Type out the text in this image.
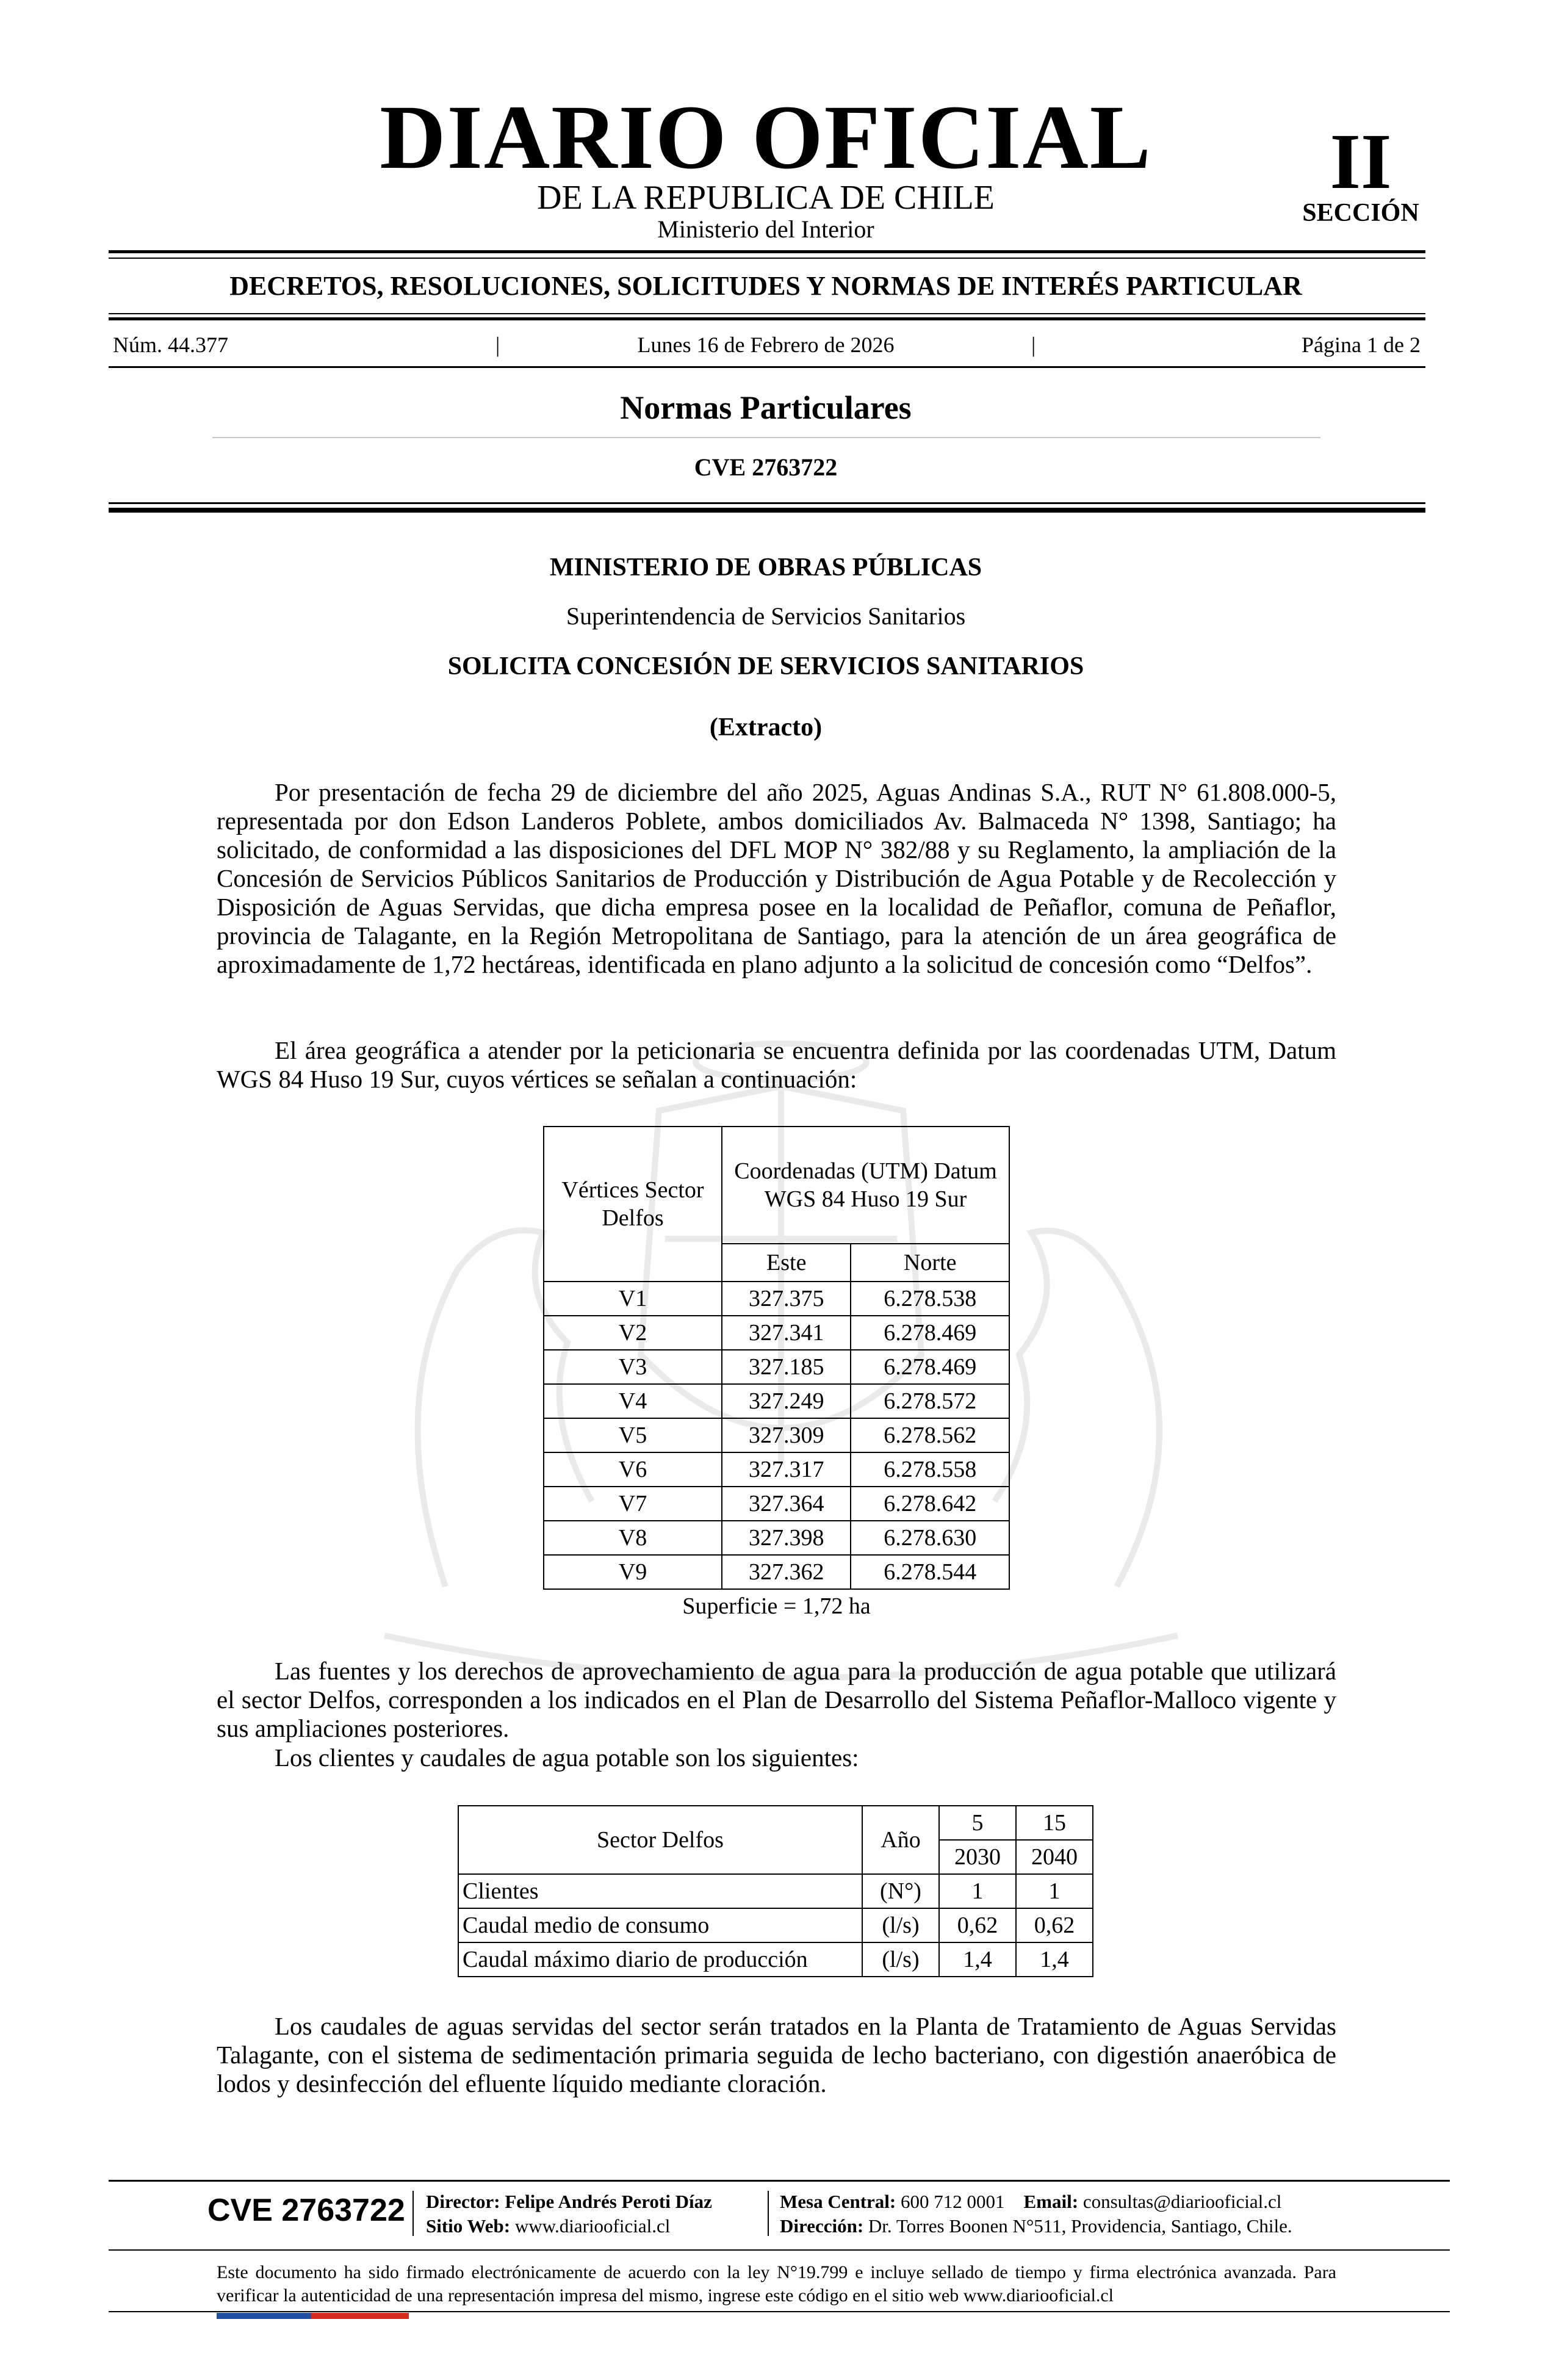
DIARIO OFICIAL
DE LA REPUBLICA DE CHILE
Ministerio del Interior
II
SECCIÓN
DECRETOS, RESOLUCIONES, SOLICITUDES Y NORMAS DE INTERÉS PARTICULAR
Núm. 44.377	|	Lunes 16 de Febrero de 2026	|	Página 1 de 2
Normas Particulares
CVE 2763722
MINISTERIO DE OBRAS PÚBLICAS
Superintendencia de Servicios Sanitarios
SOLICITA CONCESIÓN DE SERVICIOS SANITARIOS
(Extracto)

Por presentación de fecha 29 de diciembre del año 2025, Aguas Andinas S.A., RUT N° 61.808.000-5, representada por don Edson Landeros Poblete, ambos domiciliados Av. Balmaceda N° 1398, Santiago; ha solicitado, de conformidad a las disposiciones del DFL MOP N° 382/88 y su Reglamento, la ampliación de la Concesión de Servicios Públicos Sanitarios de Producción y Distribución de Agua Potable y de Recolección y Disposición de Aguas Servidas, que dicha empresa posee en la localidad de Peñaflor, comuna de Peñaflor, provincia de Talagante, en la Región Metropolitana de Santiago, para la atención de un área geográfica de aproximadamente de 1,72 hectáreas, identificada en plano adjunto a la solicitud de concesión como “Delfos”.

El área geográfica a atender por la peticionaria se encuentra definida por las coordenadas UTM, Datum WGS 84 Huso 19 Sur, cuyos vértices se señalan a continuación:

Vértices Sector Delfos	Coordenadas (UTM) Datum WGS 84 Huso 19 Sur	
	Este	Norte
V1	327.375	6.278.538
V2	327.341	6.278.469
V3	327.185	6.278.469
V4	327.249	6.278.572
V5	327.309	6.278.562
V6	327.317	6.278.558
V7	327.364	6.278.642
V8	327.398	6.278.630
V9	327.362	6.278.544
Superficie = 1,72 ha		

Las fuentes y los derechos de aprovechamiento de agua para la producción de agua potable que utilizará el sector Delfos, corresponden a los indicados en el Plan de Desarrollo del Sistema Peñaflor-Malloco vigente y sus ampliaciones posteriores.

Los clientes y caudales de agua potable son los siguientes:

Sector Delfos	Año	5	15
		2030	2040
Clientes	(N°)	1	1
Caudal medio de consumo	(l/s)	0,62	0,62
Caudal máximo diario de producción	(l/s)	1,4	1,4

Los caudales de aguas servidas del sector serán tratados en la Planta de Tratamiento de Aguas Servidas Talagante, con el sistema de sedimentación primaria seguida de lecho bacteriano, con digestión anaeróbica de lodos y desinfección del efluente líquido mediante cloración.

CVE 2763722 Director: Felipe Andrés Peroti Díaz
Sitio Web: www.diariooficial.cl
Mesa Central: 600 712 0001 Email: consultas@diariooficial.cl
Dirección: Dr. Torres Boonen N°511, Providencia, Santiago, Chile.
Este documento ha sido firmado electrónicamente de acuerdo con la ley N°19.799 e incluye sellado de tiempo y firma electrónica avanzada. Para verificar la autenticidad de una representación impresa del mismo, ingrese este código en el sitio web www.diariooficial.cl
